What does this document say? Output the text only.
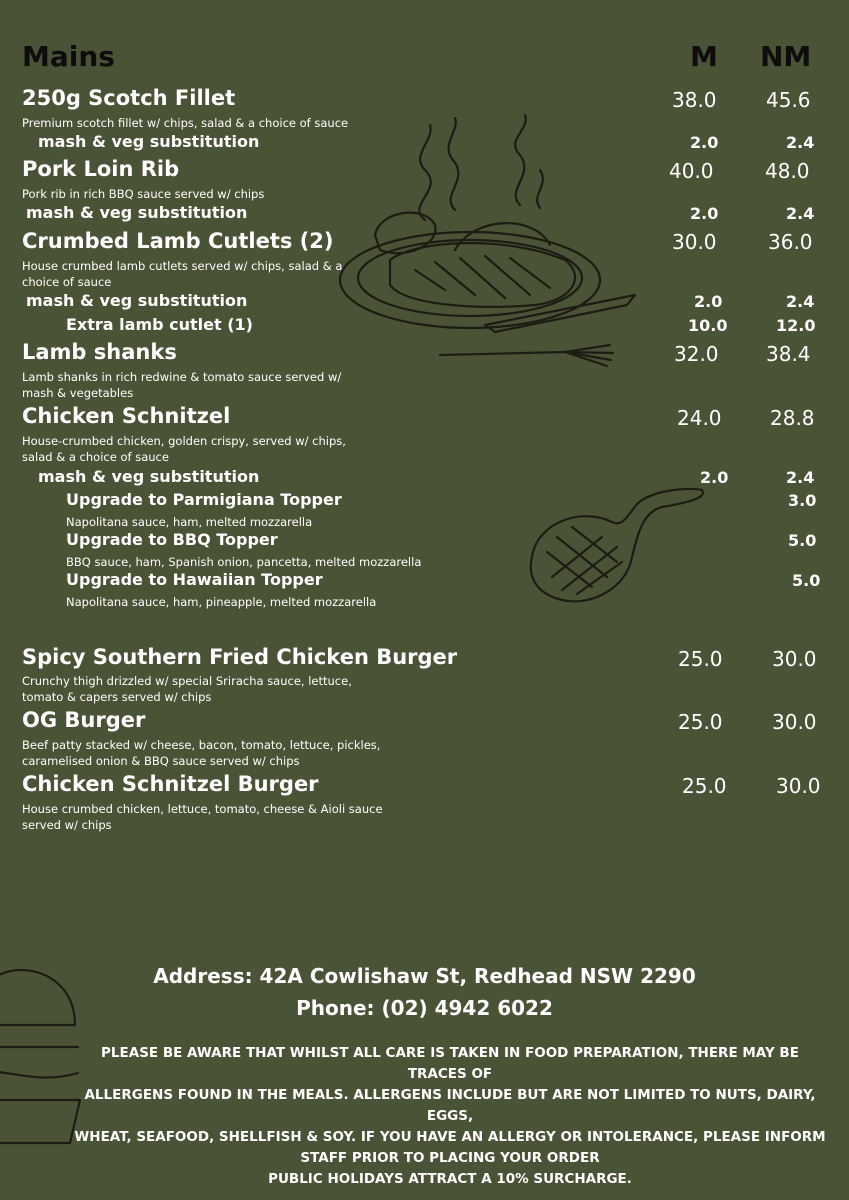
Mains	M NM
250g Scotch Fillet
Premium scotch fillet w/ chips, salad & a choice of sauce
38.0 45.6
mash & veg substitution	2.0	2.4
Pork Loin Rib
Pork rib in rich BBQ sauce served w/ chips
40.0	48.0
mash & veg substitution	2.0	2.4
Crumbed Lamb Cutlets (2)
House crumbed lamb cutlets served w/ chips, salad & a choice of sauce
30.0	36.0
mash & veg substitution	2.0	2.4
Extra lamb cutlet (1)	10.0	12.0
Lamb shanks
Lamb shanks in rich redwine & tomato sauce served w/ mash & vegetables
32.0 38.4
Chicken Schnitzel
House-crumbed chicken, golden crispy, served w/ chips, salad & a choice of sauce
24.0 28.8
mash & veg substitution	2.0	2.4
Upgrade to Parmigiana Topper	3.0
Napolitana sauce, ham, melted mozzarella
Upgrade to BBQ Topper	5.0
BBQ sauce, ham, Spanish onion, pancetta, melted mozzarella
Upgrade to Hawaiian Topper	5.0
Napolitana sauce, ham, pineapple, melted mozzarella
Spicy Southern Fried Chicken Burger
Crunchy thigh drizzled w/ special Sriracha sauce, lettuce, tomato & capers served w/ chips
25.0 30.0
OG Burger
Beef patty stacked w/ cheese, bacon, tomato, lettuce, pickles, caramelised onion & BBQ sauce served w/ chips
25.0 30.0
Chicken Schnitzel Burger
House crumbed chicken, lettuce, tomato, cheese & Aioli sauce served w/ chips
25.0 30.0
Address: 42A Cowlishaw St, Redhead NSW 2290
Phone: (02) 4942 6022
PLEASE BE AWARE THAT WHILST ALL CARE IS TAKEN IN FOOD PREPARATION, THERE MAY BE TRACES OF
ALLERGENS FOUND IN THE MEALS. ALLERGENS INCLUDE BUT ARE NOT LIMITED TO NUTS, DAIRY, EGGS,
WHEAT, SEAFOOD, SHELLFISH & SOY. IF YOU HAVE AN ALLERGY OR INTOLERANCE, PLEASE INFORM
STAFF PRIOR TO PLACING YOUR ORDER
PUBLIC HOLIDAYS ATTRACT A 10% SURCHARGE.
